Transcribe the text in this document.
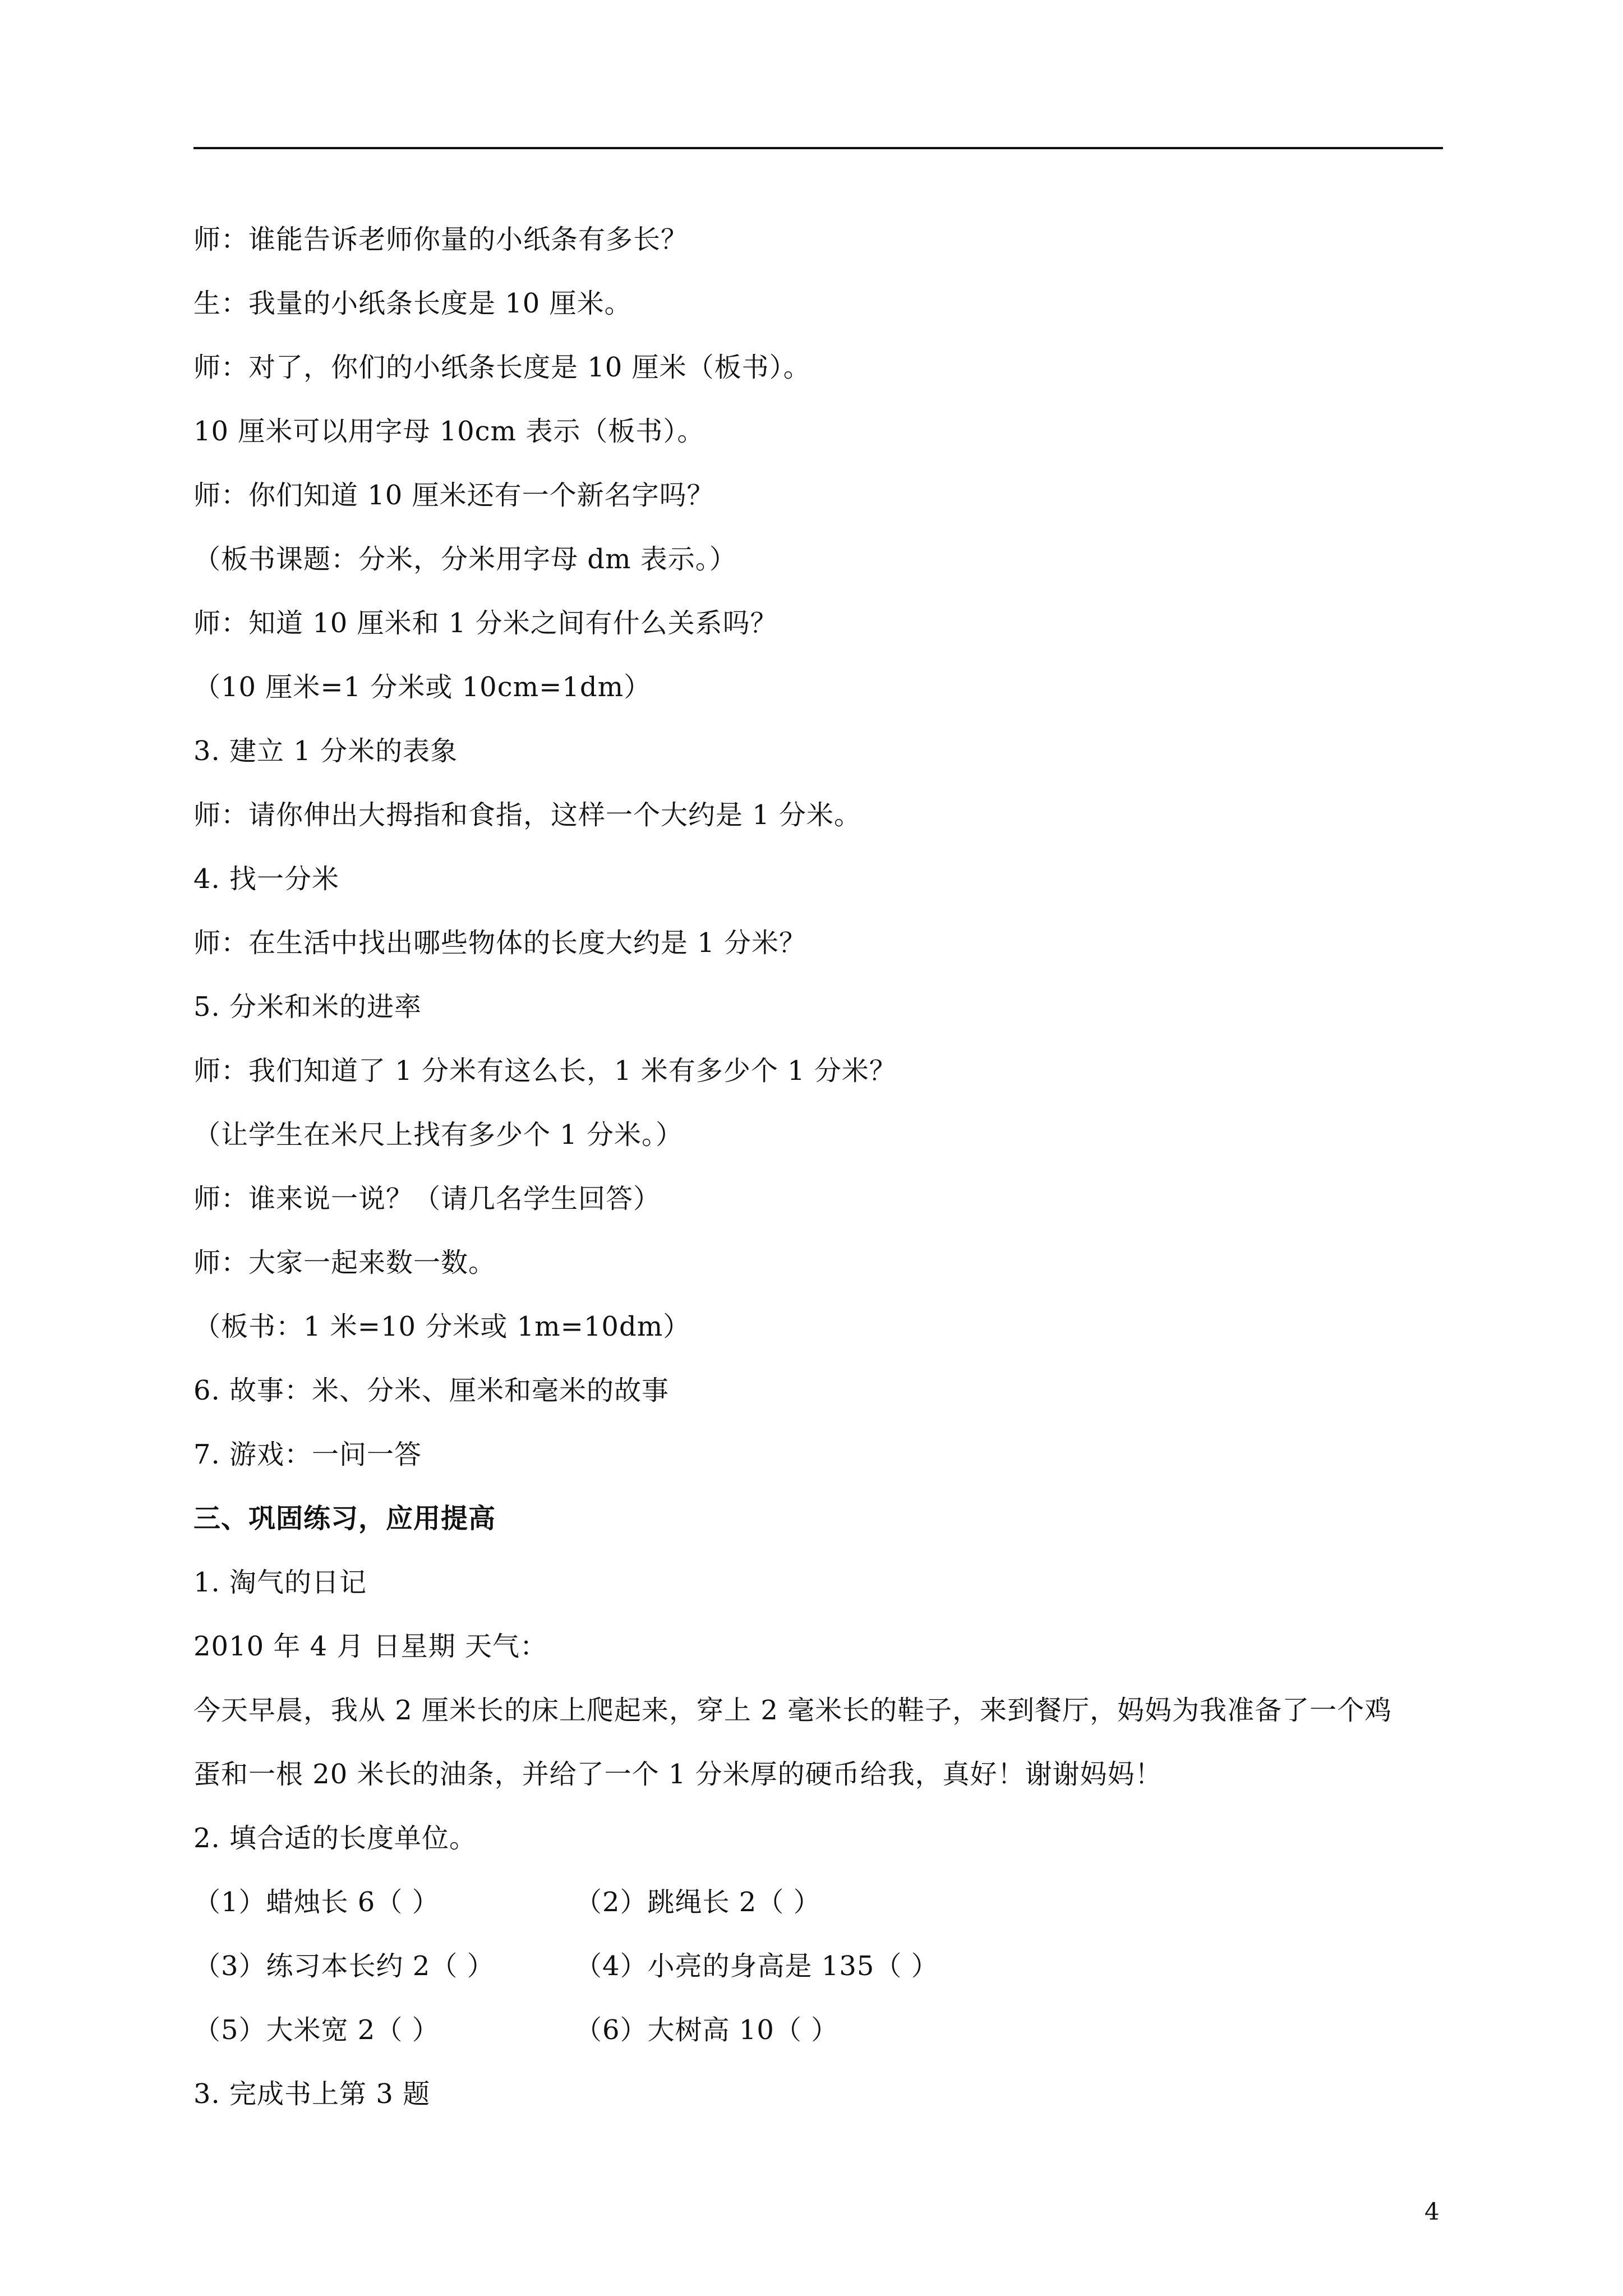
师：谁能告诉老师你量的小纸条有多长？
生：我量的小纸条长度是 10 厘米。
师：对了，你们的小纸条长度是 10 厘米（板书）。
10 厘米可以用字母 10cm 表示（板书）。
师：你们知道 10 厘米还有一个新名字吗？
（板书课题：分米，分米用字母 dm 表示。）
师：知道 10 厘米和 1 分米之间有什么关系吗？
（10 厘米=1 分米或 10cm=1dm）
3. 建立 1 分米的表象
师：请你伸出大拇指和食指，这样一个大约是 1 分米。
4. 找一分米
师：在生活中找出哪些物体的长度大约是 1 分米？
5. 分米和米的进率
师：我们知道了 1 分米有这么长，1 米有多少个 1 分米？
（让学生在米尺上找有多少个 1 分米。）
师：谁来说一说？（请几名学生回答）
师：大家一起来数一数。
（板书：1 米=10 分米或 1m=10dm）
6. 故事：米、分米、厘米和毫米的故事
7. 游戏：一问一答
三、巩固练习，应用提高
1. 淘气的日记
2010 年 4 月 日星期 天气：
今天早晨，我从 2 厘米长的床上爬起来，穿上 2 毫米长的鞋子，来到餐厅，妈妈为我准备了一个鸡
蛋和一根 20 米长的油条，并给了一个 1 分米厚的硬币给我，真好！谢谢妈妈！
2. 填合适的长度单位。
（1）蜡烛长 6（ ）	（2）跳绳长 2（ ）
（3）练习本长约 2（ ）	（4）小亮的身高是 135（ ）
（5）大米宽 2（ ）	（6）大树高 10（ ）
3. 完成书上第 3 题
4
